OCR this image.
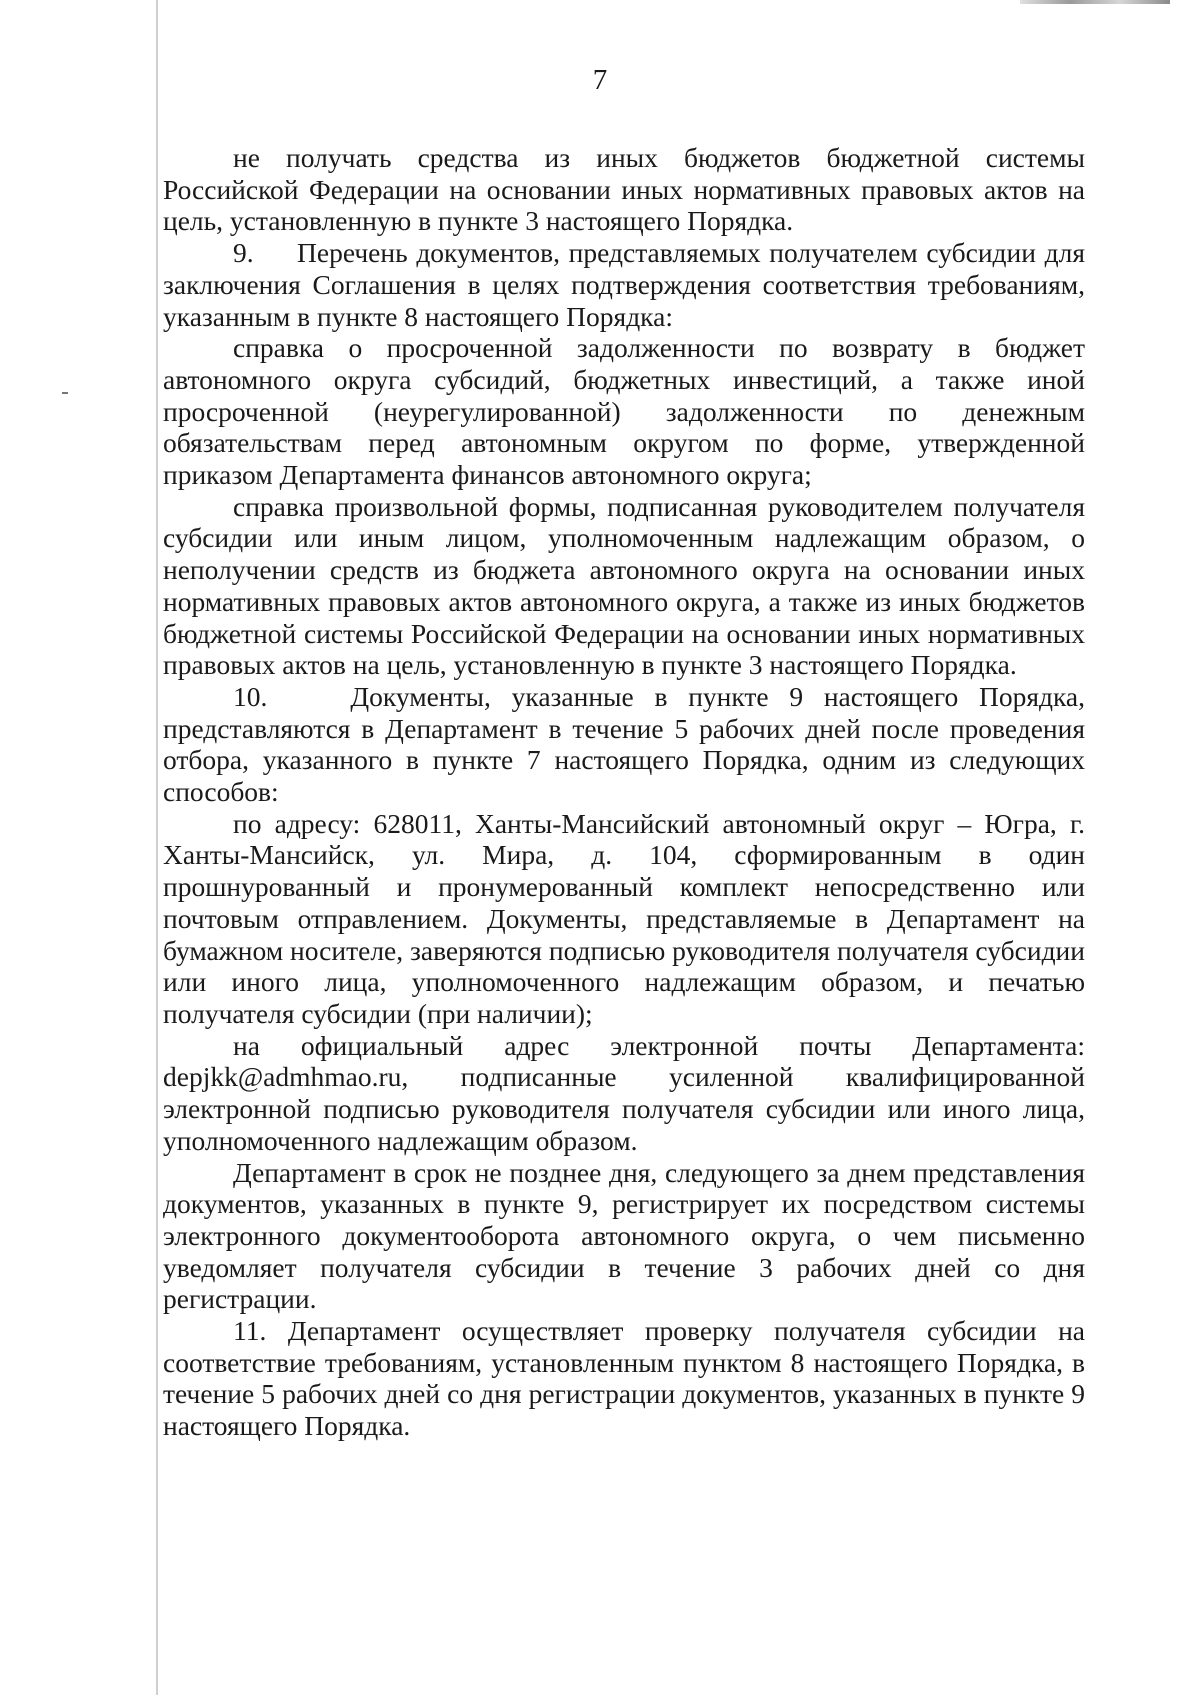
7

не получать средства из иных бюджетов бюджетной системы Российской Федерации на основании иных нормативных правовых актов на цель, установленную в пункте 3 настоящего Порядка.

9.     Перечень документов, представляемых получателем субсидии для заключения Соглашения в целях подтверждения соответствия требованиям, указанным в пункте 8 настоящего Порядка:

справка о просроченной задолженности по возврату в бюджет автономного округа субсидий, бюджетных инвестиций, а также иной просроченной (неурегулированной) задолженности по денежным обязательствам перед автономным округом по форме, утвержденной приказом Департамента финансов автономного округа;

справка произвольной формы, подписанная руководителем получателя субсидии или иным лицом, уполномоченным надлежащим образом, о неполучении средств из бюджета автономного округа на основании иных нормативных правовых актов автономного округа, а также из иных бюджетов бюджетной системы Российской Федерации на основании иных нормативных правовых актов на цель, установленную в пункте 3 настоящего Порядка.

10.    Документы, указанные в пункте 9 настоящего Порядка, представляются в Департамент в течение 5 рабочих дней после проведения отбора, указанного в пункте 7 настоящего Порядка, одним из следующих способов:

по адресу: 628011, Ханты-Мансийский автономный округ – Югра, г. Ханты-Мансийск, ул. Мира, д. 104, сформированным в один прошнурованный и пронумерованный комплект непосредственно или почтовым отправлением. Документы, представляемые в Департамент на бумажном носителе, заверяются подписью руководителя получателя субсидии или иного лица, уполномоченного надлежащим образом, и печатью получателя субсидии (при наличии);

на официальный адрес электронной почты Департамента: depjkk@admhmao.ru, подписанные усиленной квалифицированной электронной подписью руководителя получателя субсидии или иного лица, уполномоченного надлежащим образом.

Департамент в срок не позднее дня, следующего за днем представления документов, указанных в пункте 9, регистрирует их посредством системы электронного документооборота автономного округа, о чем письменно уведомляет получателя субсидии в течение 3 рабочих дней со дня регистрации.

11. Департамент осуществляет проверку получателя субсидии на соответствие требованиям, установленным пунктом 8 настоящего Порядка, в течение 5 рабочих дней со дня регистрации документов, указанных в пункте 9 настоящего Порядка.
